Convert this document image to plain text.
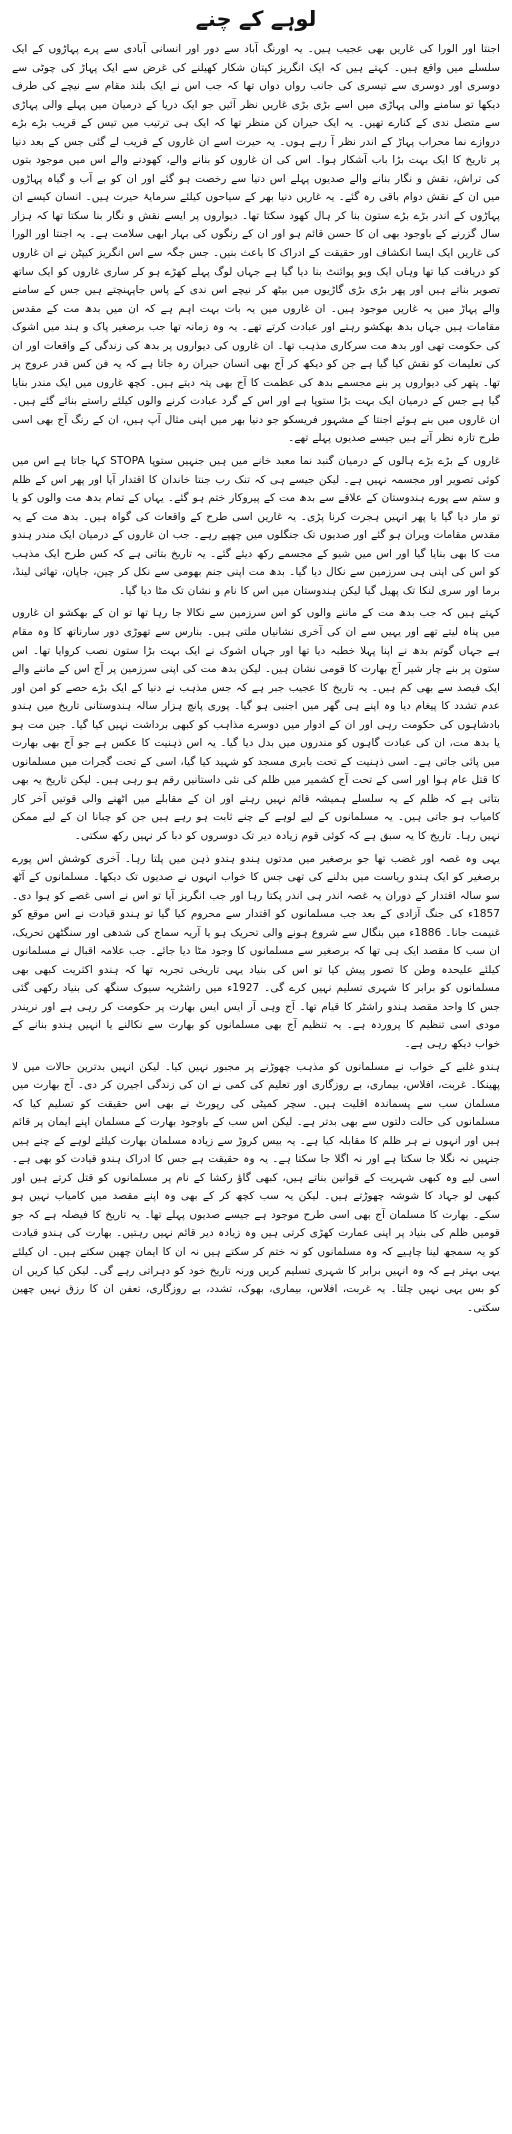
لوہے کے چنے

اجنتا اور الورا کی غاریں بھی عجیب ہیں۔ یہ اورنگ آباد سے دور اور انسانی آبادی سے پرے پہاڑوں کے ایک سلسلے میں واقع ہیں۔ کہتے ہیں کہ ایک انگریز کپتان شکار کھیلنے کی غرض سے ایک پہاڑ کی چوٹی سے دوسری اور دوسری سے تیسری کی جانب رواں دواں تھا کہ جب اس نے ایک بلند مقام سے نیچے کی طرف دیکھا تو سامنے والی پہاڑی میں اسے بڑی بڑی غاریں نظر آئیں جو ایک دریا کے درمیان میں پہلے والی پہاڑی سے متصل ندی کے کنارے تھیں۔ یہ ایک حیران کن منظر تھا کہ ایک ہی ترتیب میں تیس کے قریب بڑے بڑے دروازے نما محراب پہاڑ کے اندر نظر آ رہے ہوں۔ یہ حیرت اسے ان غاروں کے قریب لے گئی جس کے بعد دنیا پر تاریخ کا ایک بہت بڑا باب آشکار ہوا۔ اس کی ان غاروں کو بنانے والے، کھودنے والے اس میں موجود بتوں کی تراش، نقش و نگار بنانے والے صدیوں پہلے اس دنیا سے رخصت ہو گئے اور ان کو بے آب و گیاہ پہاڑوں میں ان کے نقش دوام باقی رہ گئے۔ یہ غاریں دنیا بھر کے سیاحوں کیلئے سرمایۂ حیرت ہیں۔ انسان کیسے ان پہاڑوں کے اندر بڑے بڑے ستون بنا کر ہال کھود سکتا تھا۔ دیواروں پر ایسے نقش و نگار بنا سکتا تھا کہ ہزار سال گزرنے کے باوجود بھی ان کا حسن قائم ہو اور ان کے رنگوں کی بہار ابھی سلامت ہے۔ یہ اجنتا اور الورا کی غاریں ایک ایسا انکشاف اور حقیقت کے ادراک کا باعث بنیں۔ جس جگہ سے اس انگریز کیپٹن نے ان غاروں کو دریافت کیا تھا وہاں ایک ویو پوائنٹ بنا دیا گیا ہے جہاں لوگ پہلے کھڑے ہو کر ساری غاروں کو ایک ساتھ تصویر بناتے ہیں اور پھر بڑی بڑی گاڑیوں میں بیٹھ کر نیچے اس ندی کے پاس جاپہنچتے ہیں جس کے سامنے والے پہاڑ میں یہ غاریں موجود ہیں۔ ان غاروں میں یہ بات بہت اہم ہے کہ ان میں بدھ مت کے مقدس مقامات ہیں جہاں بدھ بھکشو رہتے اور عبادت کرتے تھے۔ یہ وہ زمانہ تھا جب برصغیر پاک و ہند میں اشوک کی حکومت تھی اور بدھ مت سرکاری مذہب تھا۔ ان غاروں کی دیواروں پر بدھ کی زندگی کے واقعات اور ان کی تعلیمات کو نقش کیا گیا ہے جن کو دیکھ کر آج بھی انسان حیران رہ جاتا ہے کہ یہ فن کس قدر عروج پر تھا۔ پتھر کی دیواروں پر بنے مجسمے بدھ کی عظمت کا آج بھی پتہ دیتے ہیں۔ کچھ غاروں میں ایک مندر بنایا گیا ہے جس کے درمیان ایک بہت بڑا ستوپا ہے اور اس کے گرد عبادت کرنے والوں کیلئے راستے بنائے گئے ہیں۔ ان غاروں میں بنے ہوئے اجنتا کے مشہور فریسکو جو دنیا بھر میں اپنی مثال آپ ہیں، ان کے رنگ آج بھی اسی طرح تازہ نظر آتے ہیں جیسے صدیوں پہلے تھے۔

غاروں کے بڑے بڑے ہالوں کے درمیان گنبد نما معبد خانے میں ہیں جنہیں ستوپا STOPA کہا جاتا ہے اس میں کوئی تصویر اور مجسمہ نہیں ہے۔ لیکن جیسے ہی کہ تنک رب جنتا خاندان کا اقتدار آیا اور پھر اس کے ظلم و ستم سے پورے ہندوستان کے علاقے سے بدھ مت کے پیروکار ختم ہو گئے۔ یہاں کے تمام بدھ مت والوں کو یا تو مار دیا گیا یا پھر انہیں ہجرت کرنا پڑی۔ یہ غاریں اسی طرح کے واقعات کی گواہ ہیں۔ بدھ مت کے یہ مقدس مقامات ویران ہو گئے اور صدیوں تک جنگلوں میں چھپے رہے۔ جب ان غاروں کے درمیان ایک مندر ہندو مت کا بھی بنایا گیا اور اس میں شیو کے مجسمے رکھ دیئے گئے۔ یہ تاریخ بتاتی ہے کہ کس طرح ایک مذہب کو اس کی اپنی ہی سرزمین سے نکال دیا گیا۔ بدھ مت اپنی جنم بھومی سے نکل کر چین، جاپان، تھائی لینڈ، برما اور سری لنکا تک پھیل گیا لیکن ہندوستان میں اس کا نام و نشان تک مٹا دیا گیا۔

کہتے ہیں کہ جب بدھ مت کے ماننے والوں کو اس سرزمین سے نکالا جا رہا تھا تو ان کے بھکشو ان غاروں میں پناہ لیتے تھے اور یہیں سے ان کی آخری نشانیاں ملتی ہیں۔ بنارس سے تھوڑی دور سارناتھ کا وہ مقام ہے جہاں گوتم بدھ نے اپنا پہلا خطبہ دیا تھا اور جہاں اشوک نے ایک بہت بڑا ستون نصب کروایا تھا۔ اس ستون پر بنے چار شیر آج بھارت کا قومی نشان ہیں۔ لیکن بدھ مت کی اپنی سرزمین پر آج اس کے ماننے والے ایک فیصد سے بھی کم ہیں۔ یہ تاریخ کا عجیب جبر ہے کہ جس مذہب نے دنیا کے ایک بڑے حصے کو امن اور عدم تشدد کا پیغام دیا وہ اپنے ہی گھر میں اجنبی ہو گیا۔ پوری پانچ ہزار سالہ ہندوستانی تاریخ میں ہندو بادشاہوں کی حکومت رہی اور ان کے ادوار میں دوسرے مذاہب کو کبھی برداشت نہیں کیا گیا۔ جین مت ہو یا بدھ مت، ان کی عبادت گاہوں کو مندروں میں بدل دیا گیا۔ یہ اس ذہنیت کا عکس ہے جو آج بھی بھارت میں پائی جاتی ہے۔ اسی ذہنیت کے تحت بابری مسجد کو شہید کیا گیا، اسی کے تحت گجرات میں مسلمانوں کا قتل عام ہوا اور اسی کے تحت آج کشمیر میں ظلم کی نئی داستانیں رقم ہو رہی ہیں۔ لیکن تاریخ یہ بھی بتاتی ہے کہ ظلم کے یہ سلسلے ہمیشہ قائم نہیں رہتے اور ان کے مقابلے میں اٹھنے والی قوتیں آخر کار کامیاب ہو جاتی ہیں۔ یہ مسلمانوں کے لیے لوہے کے چنے ثابت ہو رہے ہیں جن کو چبانا ان کے لیے ممکن نہیں رہا۔ تاریخ کا یہ سبق ہے کہ کوئی قوم زیادہ دیر تک دوسروں کو دبا کر نہیں رکھ سکتی۔

یہی وہ غصہ اور غضب تھا جو برصغیر میں مدتوں ہندو ہندو ذہن میں پلتا رہا۔ آخری کوشش اس پورے برصغیر کو ایک ہندو ریاست میں بدلنے کی تھی جس کا خواب انہوں نے صدیوں تک دیکھا۔ مسلمانوں کے آٹھ سو سالہ اقتدار کے دوران یہ غصہ اندر ہی اندر پکتا رہا اور جب انگریز آیا تو اس نے اسی غصے کو ہوا دی۔ 1857ء کی جنگ آزادی کے بعد جب مسلمانوں کو اقتدار سے محروم کیا گیا تو ہندو قیادت نے اس موقع کو غنیمت جانا۔ 1886ء میں بنگال سے شروع ہونے والی تحریک ہو یا آریہ سماج کی شدھی اور سنگٹھن تحریک، ان سب کا مقصد ایک ہی تھا کہ برصغیر سے مسلمانوں کا وجود مٹا دیا جائے۔ جب علامہ اقبال نے مسلمانوں کیلئے علیحدہ وطن کا تصور پیش کیا تو اس کی بنیاد یہی تاریخی تجربہ تھا کہ ہندو اکثریت کبھی بھی مسلمانوں کو برابر کا شہری تسلیم نہیں کرے گی۔ 1927ء میں راشٹریہ سیوک سنگھ کی بنیاد رکھی گئی جس کا واحد مقصد ہندو راشٹر کا قیام تھا۔ آج وہی آر ایس ایس بھارت پر حکومت کر رہی ہے اور نریندر مودی اسی تنظیم کا پروردہ ہے۔ یہ تنظیم آج بھی مسلمانوں کو بھارت سے نکالنے یا انہیں ہندو بنانے کے خواب دیکھ رہی ہے۔

ہندو غلبے کے خواب نے مسلمانوں کو مذہب چھوڑنے پر مجبور نہیں کیا۔ لیکن انہیں بدترین حالات میں لا پھینکا۔ غربت، افلاس، بیماری، بے روزگاری اور تعلیم کی کمی نے ان کی زندگی اجیرن کر دی۔ آج بھارت میں مسلمان سب سے پسماندہ اقلیت ہیں۔ سچر کمیٹی کی رپورٹ نے بھی اس حقیقت کو تسلیم کیا کہ مسلمانوں کی حالت دلتوں سے بھی بدتر ہے۔ لیکن اس سب کے باوجود بھارت کے مسلمان اپنے ایمان پر قائم ہیں اور انہوں نے ہر ظلم کا مقابلہ کیا ہے۔ یہ بیس کروڑ سے زیادہ مسلمان بھارت کیلئے لوہے کے چنے ہیں جنہیں نہ نگلا جا سکتا ہے اور نہ اگلا جا سکتا ہے۔ یہ وہ حقیقت ہے جس کا ادراک ہندو قیادت کو بھی ہے۔ اسی لیے وہ کبھی شہریت کے قوانین بناتے ہیں، کبھی گاؤ رکشا کے نام پر مسلمانوں کو قتل کرتے ہیں اور کبھی لو جہاد کا شوشہ چھوڑتے ہیں۔ لیکن یہ سب کچھ کر کے بھی وہ اپنے مقصد میں کامیاب نہیں ہو سکے۔ بھارت کا مسلمان آج بھی اسی طرح موجود ہے جیسے صدیوں پہلے تھا۔ یہ تاریخ کا فیصلہ ہے کہ جو قومیں ظلم کی بنیاد پر اپنی عمارت کھڑی کرتی ہیں وہ زیادہ دیر قائم نہیں رہتیں۔ بھارت کی ہندو قیادت کو یہ سمجھ لینا چاہیے کہ وہ مسلمانوں کو نہ ختم کر سکتے ہیں نہ ان کا ایمان چھین سکتے ہیں۔ ان کیلئے یہی بہتر ہے کہ وہ انہیں برابر کا شہری تسلیم کریں ورنہ تاریخ خود کو دہراتی رہے گی۔ لیکن کیا کریں ان کو بس یہی نہیں چلتا۔ یہ غربت، افلاس، بیماری، بھوک، تشدد، بے روزگاری، تعفن ان کا رزق نہیں چھین سکتی۔
